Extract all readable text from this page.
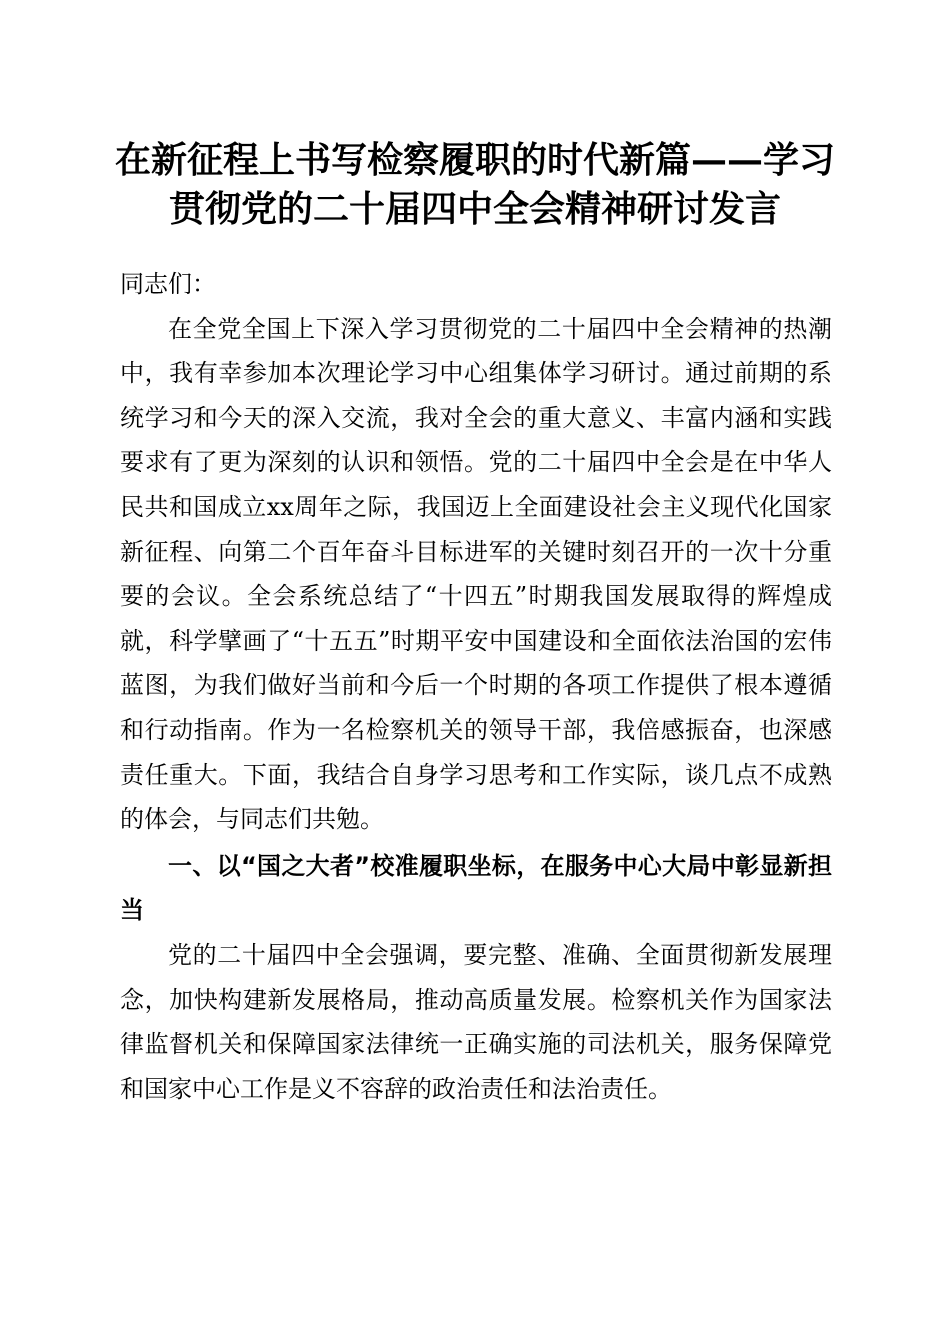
在新征程上书写检察履职的时代新篇——学习
贯彻党的二十届四中全会精神研讨发言

同志们：

在全党全国上下深入学习贯彻党的二十届四中全会精神的热潮中，我有幸参加本次理论学习中心组集体学习研讨。通过前期的系统学习和今天的深入交流，我对全会的重大意义、丰富内涵和实践要求有了更为深刻的认识和领悟。党的二十届四中全会是在中华人民共和国成立xx周年之际，我国迈上全面建设社会主义现代化国家新征程、向第二个百年奋斗目标进军的关键时刻召开的一次十分重要的会议。全会系统总结了“十四五”时期我国发展取得的辉煌成就，科学擘画了“十五五”时期平安中国建设和全面依法治国的宏伟蓝图，为我们做好当前和今后一个时期的各项工作提供了根本遵循和行动指南。作为一名检察机关的领导干部，我倍感振奋，也深感责任重大。下面，我结合自身学习思考和工作实际，谈几点不成熟的体会，与同志们共勉。

一、以“国之大者”校准履职坐标，在服务中心大局中彰显新担当

党的二十届四中全会强调，要完整、准确、全面贯彻新发展理念，加快构建新发展格局，推动高质量发展。检察机关作为国家法律监督机关和保障国家法律统一正确实施的司法机关，服务保障党和国家中心工作是义不容辞的政治责任和法治责任。
